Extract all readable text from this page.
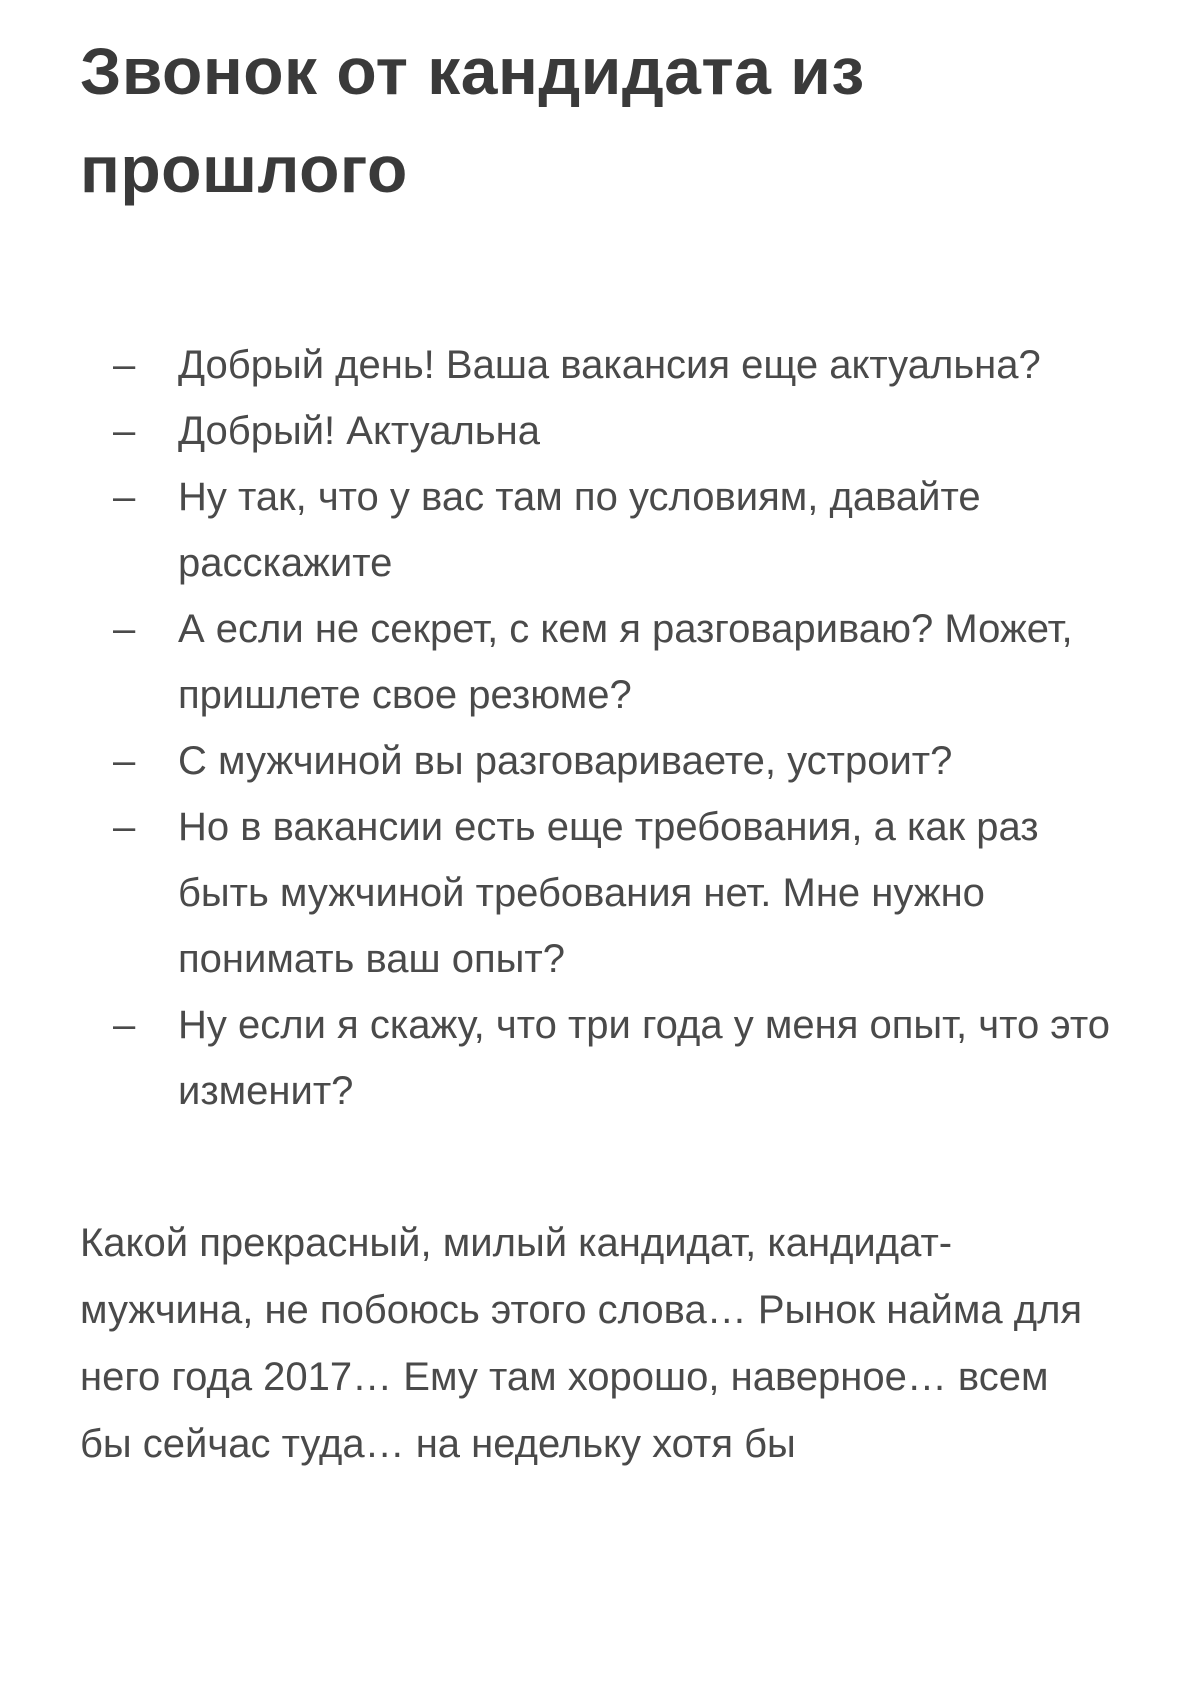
Звонок от кандидата из прошлого
–	Добрый день! Ваша вакансия еще актуальна?
–	Добрый! Актуальна
–	Ну так, что у вас там по условиям, давайте расскажите
–	А если не секрет, с кем я разговариваю? Может, пришлете свое резюме?
–	С мужчиной вы разговариваете, устроит?
–	Но в вакансии есть еще требования, а как раз быть мужчиной требования нет. Мне нужно понимать ваш опыт?
–	Ну если я скажу, что три года у меня опыт, что это изменит?

Какой прекрасный, милый кандидат, кандидат-мужчина, не побоюсь этого слова… Рынок найма для него года 2017… Ему там хорошо, наверное… всем бы сейчас туда… на недельку хотя бы
